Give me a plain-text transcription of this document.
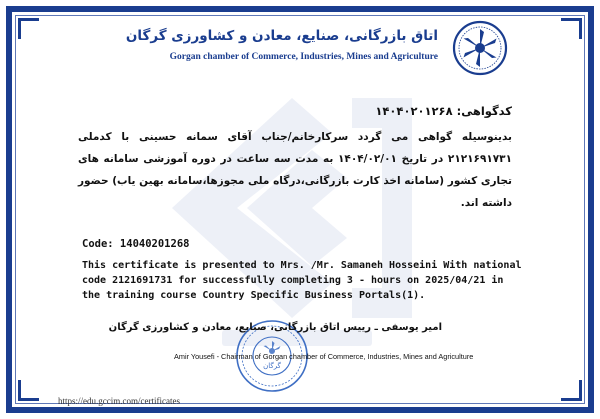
اتاق بازرگانی، صنایع، معادن و کشاورزی گرگان
Gorgan chamber of Commerce, Industries, Mines and Agriculture
کدگواهی: ۱۴۰۴۰۲۰۱۲۶۸
بدینوسیله گواهی می گردد سرکارخانم/جناب آقای سمانه حسینی با کدملی ۲۱۲۱۶۹۱۷۳۱ در تاریخ ۱۴۰۴/۰۲/۰۱ به مدت سه ساعت در دوره آموزشی سامانه های تجاری کشور (سامانه اخذ کارت بازرگانی،درگاه ملی مجوزها،سامانه بهین یاب) حضور داشته اند.
Code: 14040201268
This certificate is presented to Mrs. /Mr. Samaneh Hosseini With national code 2121691731 for successfully completing 3 - hours on 2025/04/21 in the training course Country Specific Business Portals(1).
گرگان
امیر یوسفی ـ رییس اتاق بازرگانی، صنایع، معادن و کشاورزی گرگان
Amir Yousefi - Chairman of Gorgan chamber of Commerce, Industries, Mines and Agriculture
https://edu.gccim.com/certificates
